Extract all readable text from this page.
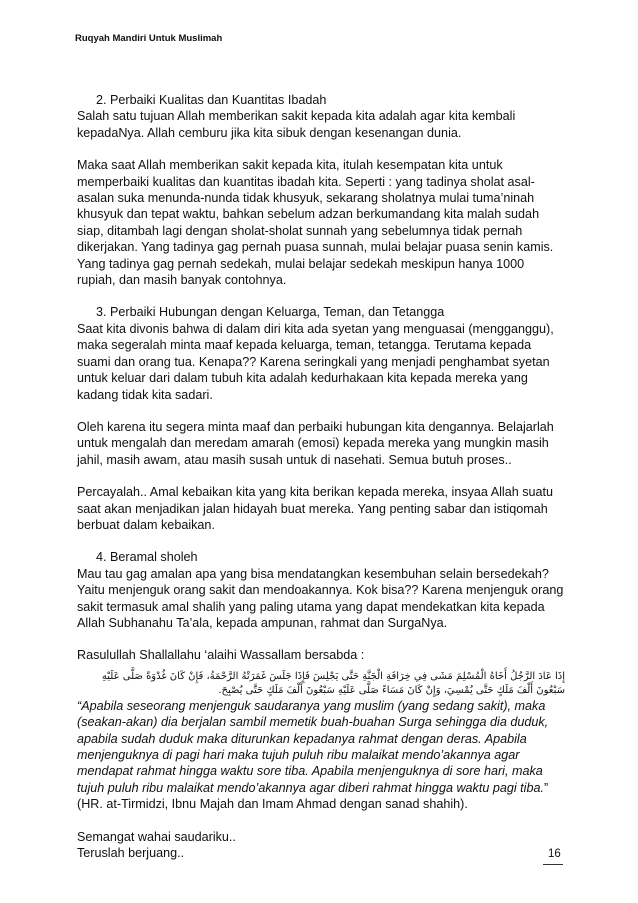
Ruqyah Mandiri Untuk Muslimah

2. Perbaiki Kualitas dan Kuantitas Ibadah

Salah satu tujuan Allah memberikan sakit kepada kita adalah agar kita kembali kepadaNya. Allah cemburu jika kita sibuk dengan kesenangan dunia.

Maka saat Allah memberikan sakit kepada kita, itulah kesempatan kita untuk memperbaiki kualitas dan kuantitas ibadah kita. Seperti : yang tadinya sholat asal-asalan suka menunda-nunda tidak khusyuk, sekarang sholatnya mulai tuma’ninah khusyuk dan tepat waktu, bahkan sebelum adzan berkumandang kita malah sudah siap, ditambah lagi dengan sholat-sholat sunnah yang sebelumnya tidak pernah dikerjakan. Yang tadinya gag pernah puasa sunnah, mulai belajar puasa senin kamis. Yang tadinya gag pernah sedekah, mulai belajar sedekah meskipun hanya 1000 rupiah, dan masih banyak contohnya.

3. Perbaiki Hubungan dengan Keluarga, Teman, dan Tetangga

Saat kita divonis bahwa di dalam diri kita ada syetan yang menguasai (mengganggu), maka segeralah minta maaf kepada keluarga, teman, tetangga. Terutama kepada suami dan orang tua. Kenapa?? Karena seringkali yang menjadi penghambat syetan untuk keluar dari dalam tubuh kita adalah kedurhakaan kita kepada mereka yang kadang tidak kita sadari.

Oleh karena itu segera minta maaf dan perbaiki hubungan kita dengannya. Belajarlah untuk mengalah dan meredam amarah (emosi) kepada mereka yang mungkin masih jahil, masih awam, atau masih susah untuk di nasehati. Semua butuh proses..

Percayalah.. Amal kebaikan kita yang kita berikan kepada mereka, insyaa Allah suatu saat akan menjadikan jalan hidayah buat mereka. Yang penting sabar dan istiqomah berbuat dalam kebaikan.

4. Beramal sholeh

Mau tau gag amalan apa yang bisa mendatangkan kesembuhan selain bersedekah? Yaitu menjenguk orang sakit dan mendoakannya. Kok bisa?? Karena menjenguk orang sakit termasuk amal shalih yang paling utama yang dapat mendekatkan kita kepada Allah Subhanahu Ta’ala, kepada ampunan, rahmat dan SurgaNya.

Rasulullah Shallallahu ‘alaihi Wassallam bersabda :

إِذَا عَادَ الرَّجُلُ أَخَاهُ الْمُسْلِمَ مَشَى فِي خِرَافَةِ الْجَنَّةِ حَتَّى يَجْلِسَ فَإِذَا جَلَسَ غَمَرَتْهُ الرَّحْمَةُ، فَإِنْ كَانَ غُدْوَةً صَلَّى عَلَيْهِ سَبْعُونَ أَلْفَ مَلَكٍ حَتَّى يُمْسِيَ، وَإِنْ كَانَ مَسَاءً صَلَّى عَلَيْهِ سَبْعُونَ أَلْفَ مَلَكٍ حَتَّى يُصْبِحَ.

“Apabila seseorang menjenguk saudaranya yang muslim (yang sedang sakit), maka (seakan-akan) dia berjalan sambil memetik buah-buahan Surga sehingga dia duduk, apabila sudah duduk maka diturunkan kepadanya rahmat dengan deras. Apabila menjenguknya di pagi hari maka tujuh puluh ribu malaikat mendo’akannya agar mendapat rahmat hingga waktu sore tiba. Apabila menjenguknya di sore hari, maka tujuh puluh ribu malaikat mendo’akannya agar diberi rahmat hingga waktu pagi tiba.”

(HR. at-Tirmidzi, Ibnu Majah dan Imam Ahmad dengan sanad shahih).

Semangat wahai saudariku..

Teruslah berjuang..	16
